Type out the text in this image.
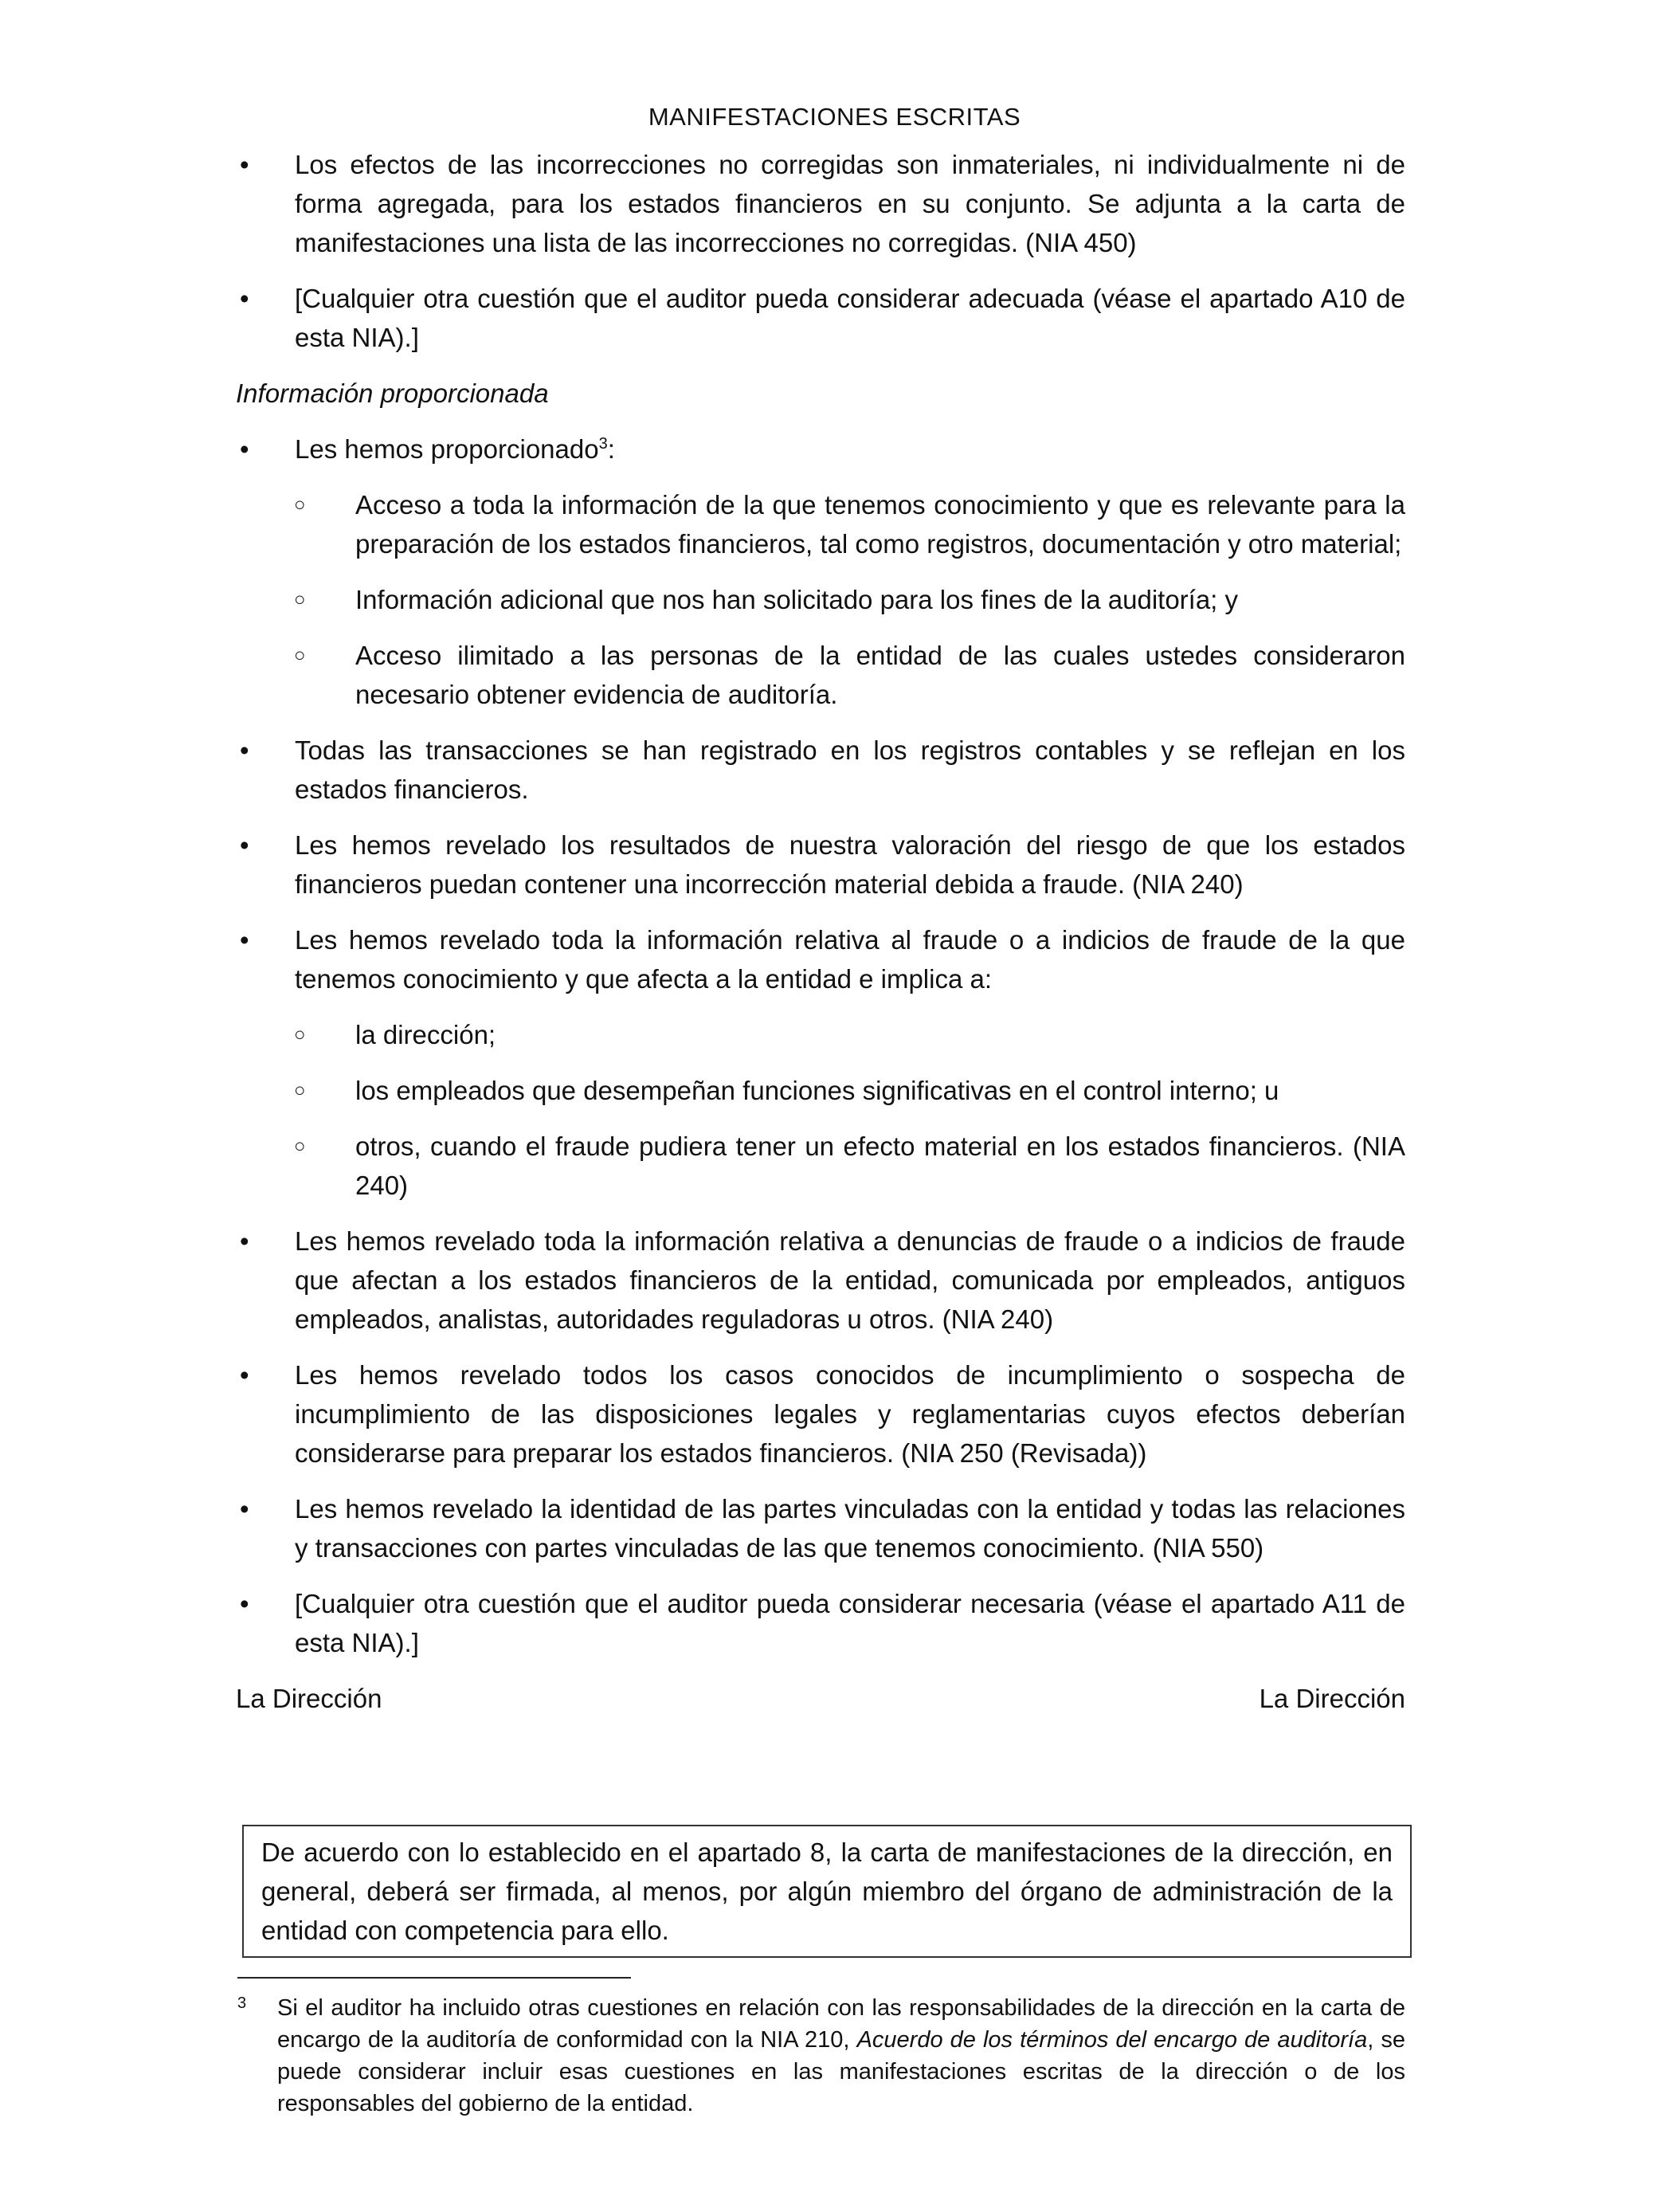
MANIFESTACIONES ESCRITAS
• Los efectos de las incorrecciones no corregidas son inmateriales, ni individualmente ni de forma agregada, para los estados financieros en su conjunto. Se adjunta a la carta de manifestaciones una lista de las incorrecciones no corregidas. (NIA 450)
• [Cualquier otra cuestión que el auditor pueda considerar adecuada (véase el apartado A10 de esta NIA).]
Información proporcionada
• Les hemos proporcionado$^3$:
○ Acceso a toda la información de la que tenemos conocimiento y que es relevante para la preparación de los estados financieros, tal como registros, documentación y otro material;
○ Información adicional que nos han solicitado para los fines de la auditoría; y
○ Acceso ilimitado a las personas de la entidad de las cuales ustedes consideraron necesario obtener evidencia de auditoría.
• Todas las transacciones se han registrado en los registros contables y se reflejan en los estados financieros.
• Les hemos revelado los resultados de nuestra valoración del riesgo de que los estados financieros puedan contener una incorrección material debida a fraude. (NIA 240)
• Les hemos revelado toda la información relativa al fraude o a indicios de fraude de la que tenemos conocimiento y que afecta a la entidad e implica a:
○ la dirección;
○ los empleados que desempeñan funciones significativas en el control interno; u
○ otros, cuando el fraude pudiera tener un efecto material en los estados financieros. (NIA 240)
• Les hemos revelado toda la información relativa a denuncias de fraude o a indicios de fraude que afectan a los estados financieros de la entidad, comunicada por empleados, antiguos empleados, analistas, autoridades reguladoras u otros. (NIA 240)
• Les hemos revelado todos los casos conocidos de incumplimiento o sospecha de incumplimiento de las disposiciones legales y reglamentarias cuyos efectos deberían considerarse para preparar los estados financieros. (NIA 250 (Revisada))
• Les hemos revelado la identidad de las partes vinculadas con la entidad y todas las relaciones y transacciones con partes vinculadas de las que tenemos conocimiento. (NIA 550)
• [Cualquier otra cuestión que el auditor pueda considerar necesaria (véase el apartado A11 de esta NIA).]
La Dirección	La Dirección
De acuerdo con lo establecido en el apartado 8, la carta de manifestaciones de la dirección, en general, deberá ser firmada, al menos, por algún miembro del órgano de administración de la entidad con competencia para ello.
3 Si el auditor ha incluido otras cuestiones en relación con las responsabilidades de la dirección en la carta de encargo de la auditoría de conformidad con la NIA 210, Acuerdo de los términos del encargo de auditoría, se puede considerar incluir esas cuestiones en las manifestaciones escritas de la dirección o de los responsables del gobierno de la entidad.
